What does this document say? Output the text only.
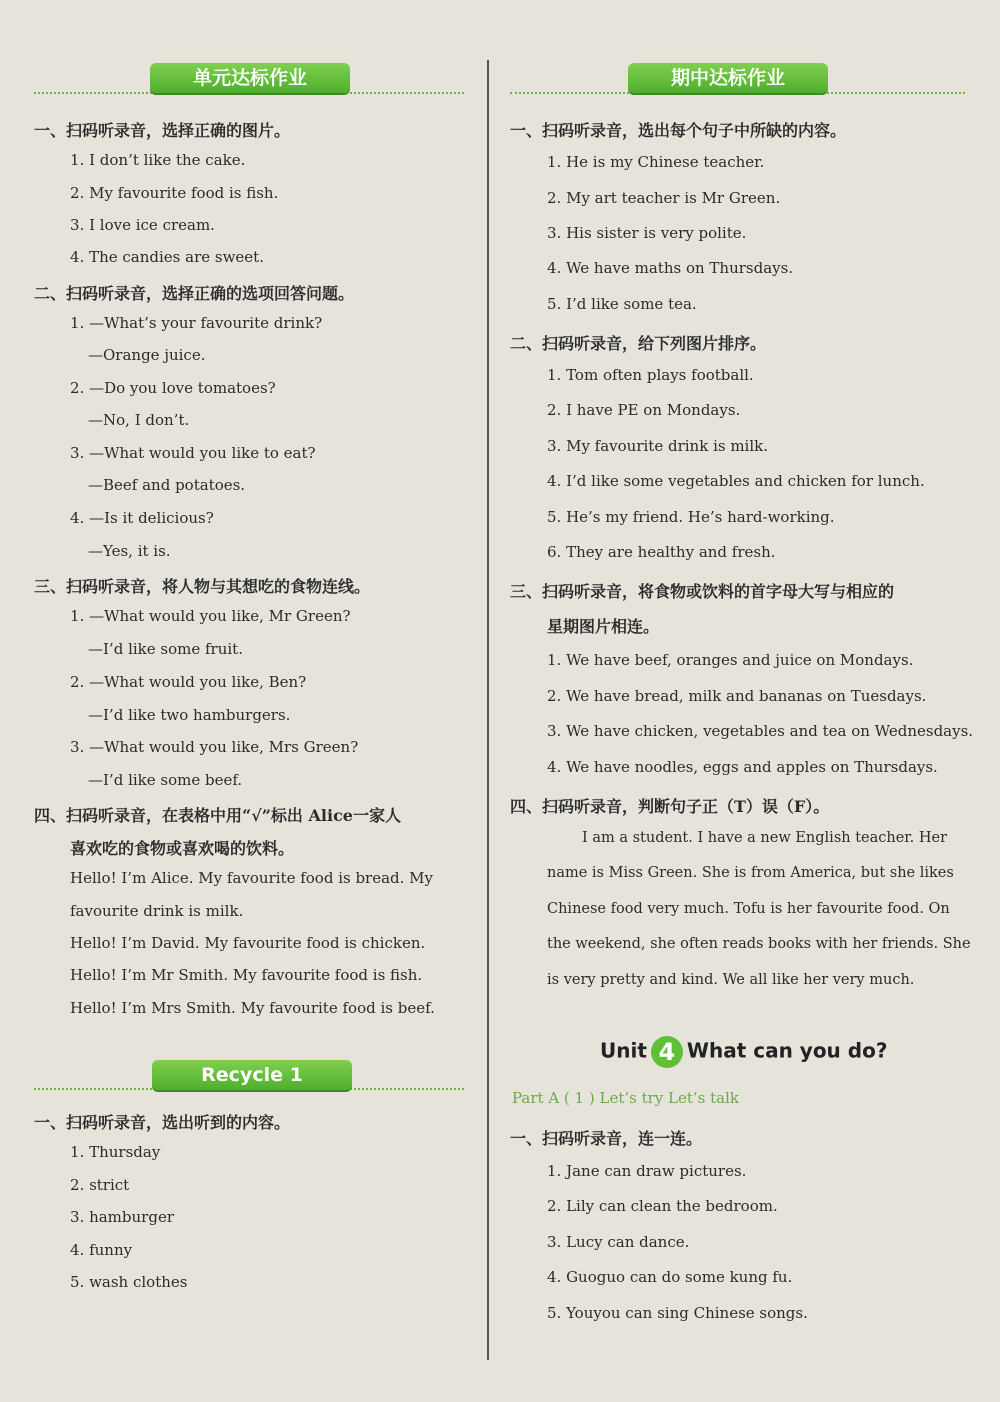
单元达标作业
一、扫码听录音，选择正确的图片。
1. I don’t like the cake.
2. My favourite food is fish.
3. I love ice cream.
4. The candies are sweet.
二、扫码听录音，选择正确的选项回答问题。
1. —What’s your favourite drink?
—Orange juice.
2. —Do you love tomatoes?
—No, I don’t.
3. —What would you like to eat?
—Beef and potatoes.
4. —Is it delicious?
—Yes, it is.
三、扫码听录音，将人物与其想吃的食物连线。
1. —What would you like, Mr Green?
—I’d like some fruit.
2. —What would you like, Ben?
—I’d like two hamburgers.
3. —What would you like, Mrs Green?
—I’d like some beef.
四、扫码听录音，在表格中用“√”标出 Alice一家人
喜欢吃的食物或喜欢喝的饮料。
Hello! I’m Alice. My favourite food is bread. My
favourite drink is milk.
Hello! I’m David. My favourite food is chicken.
Hello! I’m Mr Smith. My favourite food is fish.
Hello! I’m Mrs Smith. My favourite food is beef.
Recycle 1
一、扫码听录音，选出听到的内容。
1. Thursday
2. strict
3. hamburger
4. funny
5. wash clothes
期中达标作业
一、扫码听录音，选出每个句子中所缺的内容。
1. He is my Chinese teacher.
2. My art teacher is Mr Green.
3. His sister is very polite.
4. We have maths on Thursdays.
5. I’d like some tea.
二、扫码听录音，给下列图片排序。
1. Tom often plays football.
2. I have PE on Mondays.
3. My favourite drink is milk.
4. I’d like some vegetables and chicken for lunch.
5. He’s my friend. He’s hard-working.
6. They are healthy and fresh.
三、扫码听录音，将食物或饮料的首字母大写与相应的
星期图片相连。
1. We have beef, oranges and juice on Mondays.
2. We have bread, milk and bananas on Tuesdays.
3. We have chicken, vegetables and tea on Wednesdays.
4. We have noodles, eggs and apples on Thursdays.
四、扫码听录音，判断句子正（T）误（F）。
I am a student. I have a new English teacher. Her
name is Miss Green. She is from America, but she likes
Chinese food very much. Tofu is her favourite food. On
the weekend, she often reads books with her friends. She
is very pretty and kind. We all like her very much.
Unit 4 What can you do?
Part A ( 1 ) Let’s try Let’s talk
一、扫码听录音，连一连。
1. Jane can draw pictures.
2. Lily can clean the bedroom.
3. Lucy can dance.
4. Guoguo can do some kung fu.
5. Youyou can sing Chinese songs.
